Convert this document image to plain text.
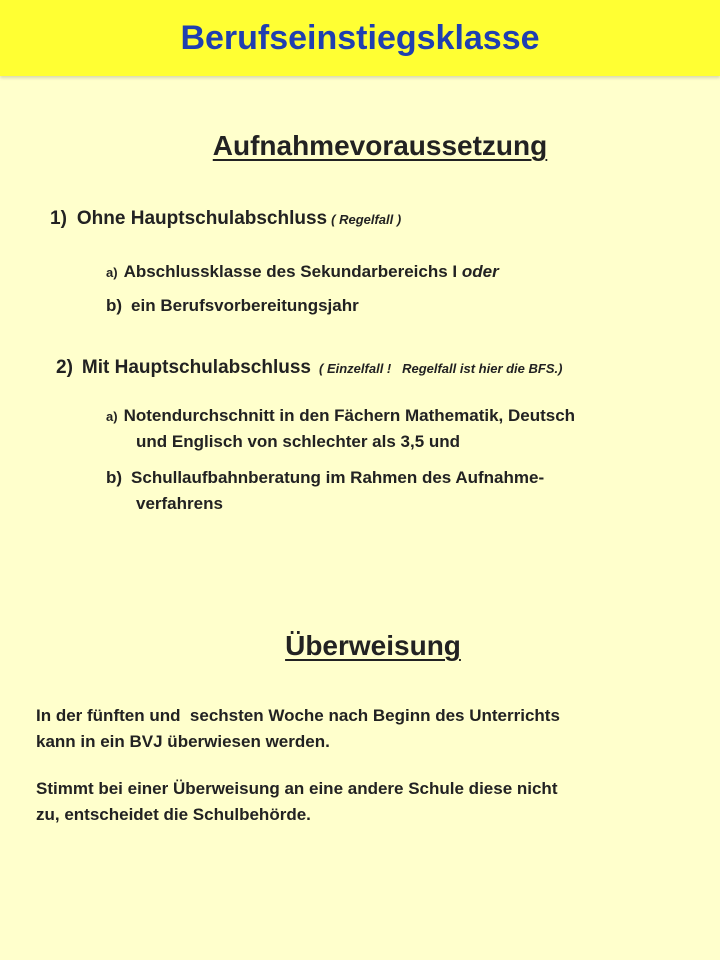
Berufseinstiegsklasse
Aufnahmevoraussetzung
1) Ohne Hauptschulabschluss ( Regelfall )
a) Abschlussklasse des Sekundarbereichs I oder
b) ein Berufsvorbereitungsjahr
2) Mit Hauptschulabschluss ( Einzelfall !   Regelfall ist hier die BFS.)
a) Notendurchschnitt in den Fächern Mathematik, Deutsch
und Englisch von schlechter als 3,5 und
b) Schullaufbahnberatung im Rahmen des Aufnahme-
verfahrens
Überweisung
In der fünften und  sechsten Woche nach Beginn des Unterrichts
kann in ein BVJ überwiesen werden.
Stimmt bei einer Überweisung an eine andere Schule diese nicht
zu, entscheidet die Schulbehörde.
